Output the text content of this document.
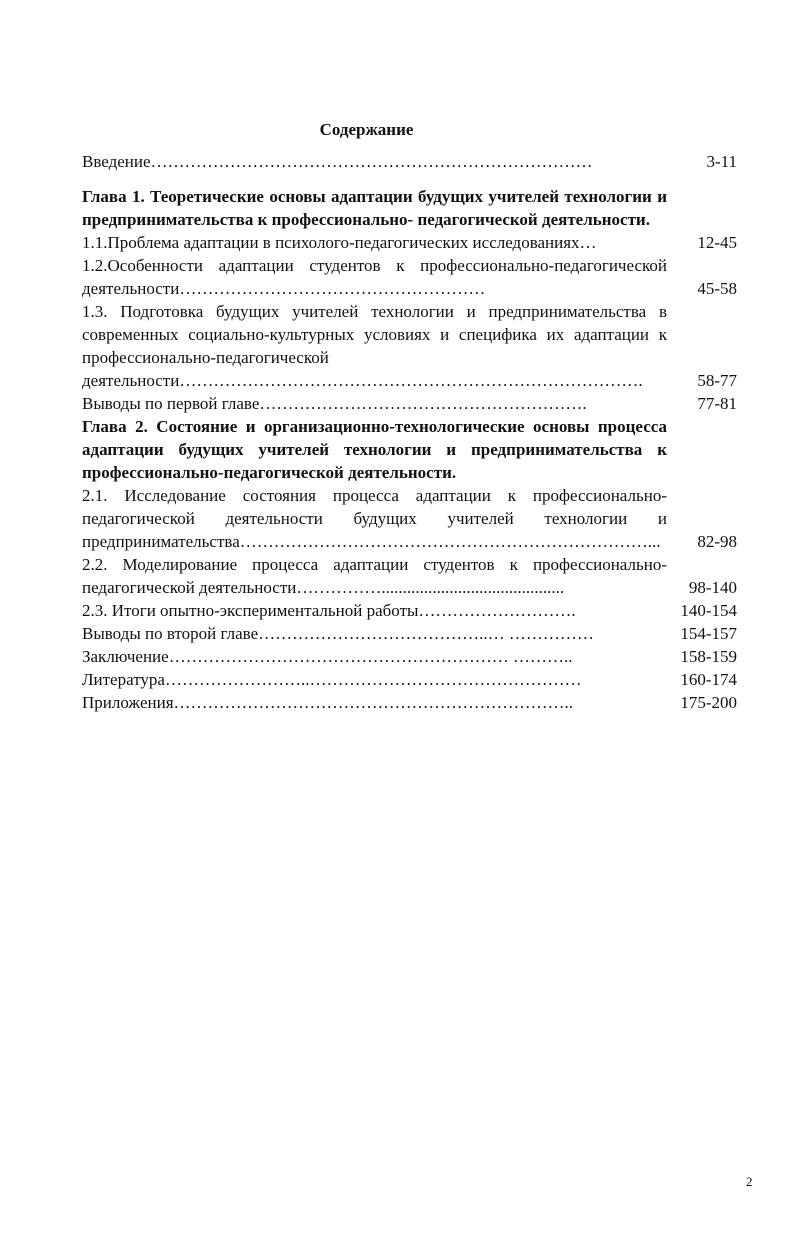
Содержание
Введение……………………………………………………………………	3-11
Глава 1. Теоретические основы адаптации будущих учителей технологии и предпринимательства к профессионально- педагогической деятельности.
1.1.Проблема адаптации в психолого-педагогических исследованиях…	12-45
1.2.Особенности адаптации студентов к профессионально-педагогической деятельности………………………………………………	45-58
1.3. Подготовка будущих учителей технологии и предпринимательства в современных социально-культурных условиях и специфика их адаптации к профессионально-педагогической деятельности……………………………………………………………………….	58-77
Выводы по первой главе………………………………………………….	77-81
Глава 2. Состояние и организационно-технологические основы процесса адаптации будущих учителей технологии и предпринимательства к профессионально-педагогической деятельности.
2.1. Исследование состояния процесса адаптации к профессионально-педагогической деятельности будущих учителей технологии и предпринимательства………………………………………………………………...	82-98
2.2. Моделирование процесса адаптации студентов к профессионально-педагогической деятельности……………...........................................	98-140
2.3. Итоги опытно-экспериментальной работы……………………….	140-154
Выводы по второй главе…………………………………..… ……………	154-157
Заключение…………………………………………………… ………..	158-159
Литература……………………..…………………………………………	160-174
Приложения……………………………………………………………..	175-200
2
